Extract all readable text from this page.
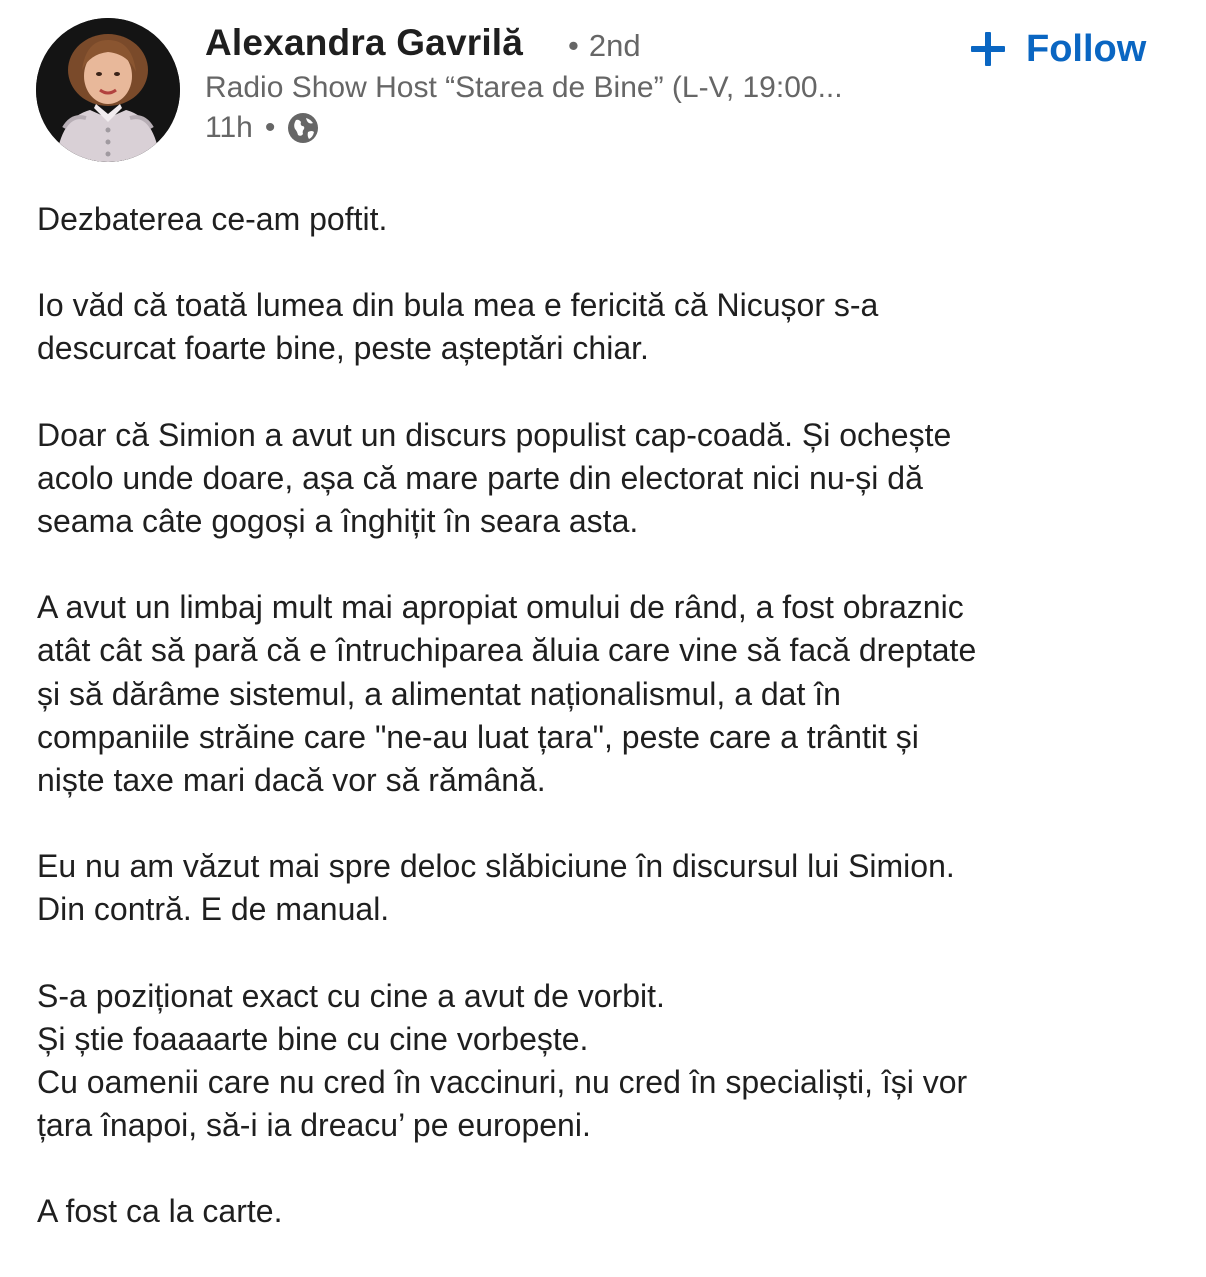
Alexandra Gavrilă • 2nd
Radio Show Host “Starea de Bine” (L-V, 19:00...
11h •
Follow

Dezbaterea ce-am poftit.

Io văd că toată lumea din bula mea e fericită că Nicușor s-a
descurcat foarte bine, peste așteptări chiar.

Doar că Simion a avut un discurs populist cap-coadă. Și ochește
acolo unde doare, așa că mare parte din electorat nici nu-și dă
seama câte gogoși a înghițit în seara asta.

A avut un limbaj mult mai apropiat omului de rând, a fost obraznic
atât cât să pară că e întruchiparea ăluia care vine să facă dreptate
și să dărâme sistemul, a alimentat naționalismul, a dat în
companiile străine care "ne-au luat țara", peste care a trântit și
niște taxe mari dacă vor să rămână.

Eu nu am văzut mai spre deloc slăbiciune în discursul lui Simion.
Din contră. E de manual.

S-a poziționat exact cu cine a avut de vorbit.
Și știe foaaaarte bine cu cine vorbește.
Cu oamenii care nu cred în vaccinuri, nu cred în specialiști, își vor
țara înapoi, să-i ia dreacu’ pe europeni.

A fost ca la carte.
